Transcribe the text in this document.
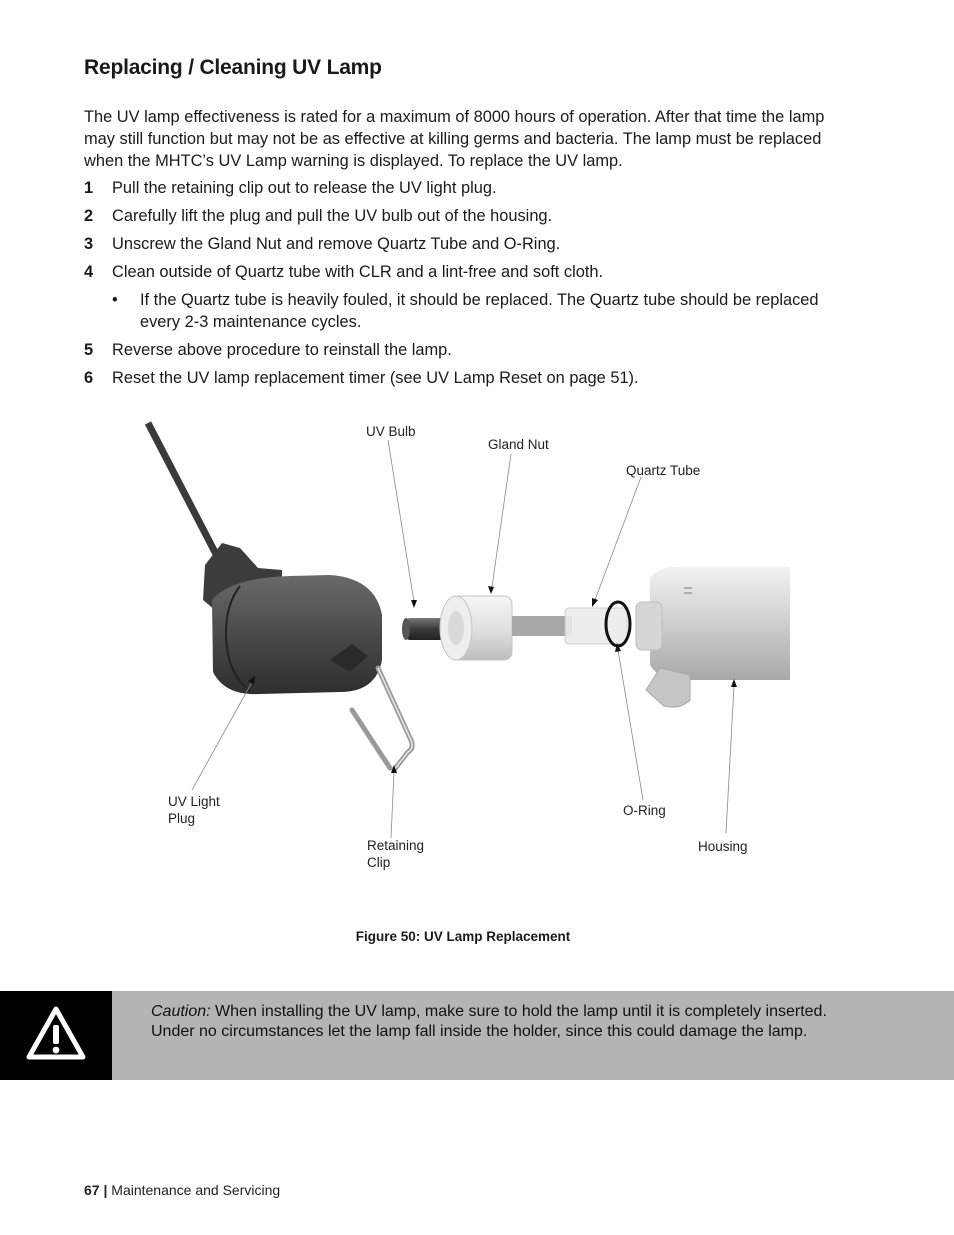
Replacing / Cleaning UV Lamp

The UV lamp effectiveness is rated for a maximum of 8000 hours of operation. After that time the lamp may still function but may not be as effective at killing germs and bacteria. The lamp must be replaced when the MHTC’s UV Lamp warning is displayed. To replace the UV lamp.

1 Pull the retaining clip out to release the UV light plug.
2 Carefully lift the plug and pull the UV bulb out of the housing.
3 Unscrew the Gland Nut and remove Quartz Tube and O-Ring.
4 Clean outside of Quartz tube with CLR and a lint-free and soft cloth.
• If the Quartz tube is heavily fouled, it should be replaced. The Quartz tube should be replaced every 2-3 maintenance cycles.
5 Reverse above procedure to reinstall the lamp.
6 Reset the UV lamp replacement timer (see UV Lamp Reset on page 51).
UV Bulb
Gland Nut
Quartz Tube
UV Light
Plug
Retaining
Clip
O-Ring
Housing
Figure 50: UV Lamp Replacement
Caution: When installing the UV lamp, make sure to hold the lamp until it is completely inserted. Under no circumstances let the lamp fall inside the holder, since this could damage the lamp.
67 | Maintenance and Servicing
